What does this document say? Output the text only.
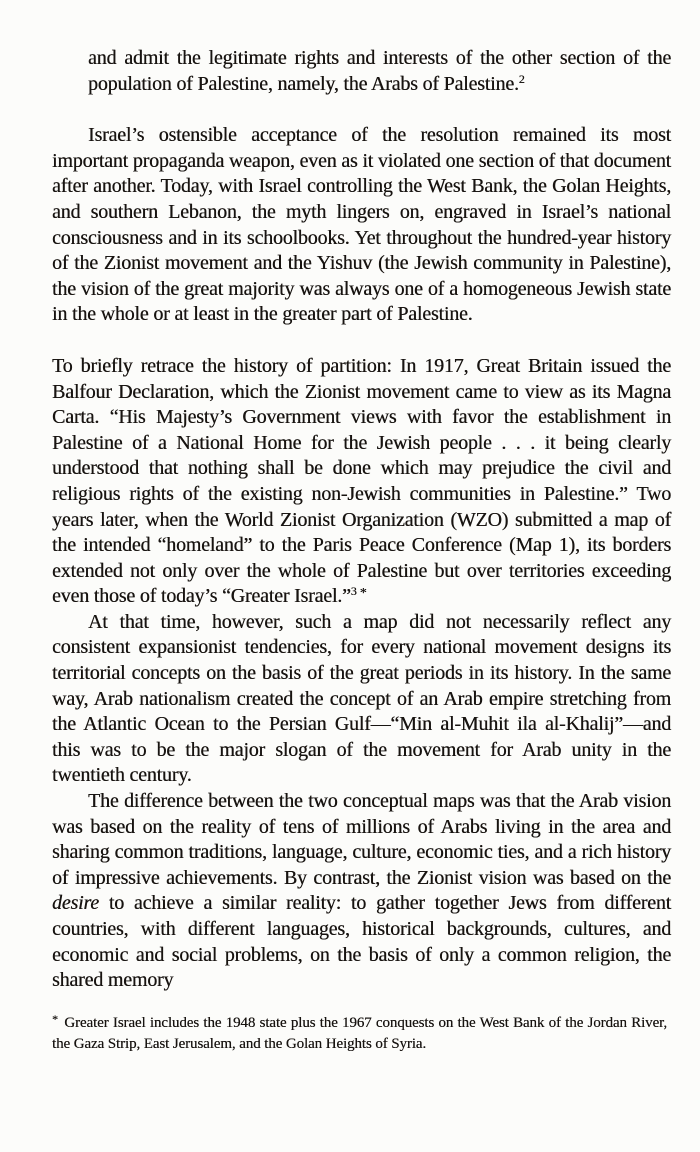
and admit the legitimate rights and interests of the other section of the population of Palestine, namely, the Arabs of Palestine.$^2$

Israel’s ostensible acceptance of the resolution remained its most important propaganda weapon, even as it violated one section of that document after another. Today, with Israel controlling the West Bank, the Golan Heights, and southern Lebanon, the myth lingers on, engraved in Israel’s national consciousness and in its schoolbooks. Yet throughout the hundred-year history of the Zionist movement and the Yishuv (the Jewish community in Palestine), the vision of the great majority was always one of a homogeneous Jewish state in the whole or at least in the greater part of Palestine.

To briefly retrace the history of partition: In 1917, Great Britain issued the Balfour Declaration, which the Zionist movement came to view as its Magna Carta. “His Majesty’s Government views with favor the establishment in Palestine of a National Home for the Jewish people . . . it being clearly understood that nothing shall be done which may prejudice the civil and religious rights of the existing non-Jewish communities in Palestine.” Two years later, when the World Zionist Organization (WZO) submitted a map of the intended “homeland” to the Paris Peace Conference (Map 1), its borders extended not only over the whole of Palestine but over territories exceeding even those of today’s “Greater Israel.”$^3$ *

At that time, however, such a map did not necessarily reflect any consistent expansionist tendencies, for every national movement designs its territorial concepts on the basis of the great periods in its history. In the same way, Arab nationalism created the concept of an Arab empire stretching from the Atlantic Ocean to the Persian Gulf—“Min al-Muhit ila al-Khalij”—and this was to be the major slogan of the movement for Arab unity in the twentieth century.

The difference between the two conceptual maps was that the Arab vision was based on the reality of tens of millions of Arabs living in the area and sharing common traditions, language, culture, economic ties, and a rich history of impressive achievements. By contrast, the Zionist vision was based on the desire to achieve a similar reality: to gather together Jews from different countries, with different languages, historical backgrounds, cultures, and economic and social problems, on the basis of only a common religion, the shared memory

* Greater Israel includes the 1948 state plus the 1967 conquests on the West Bank of the Jordan River, the Gaza Strip, East Jerusalem, and the Golan Heights of Syria.
